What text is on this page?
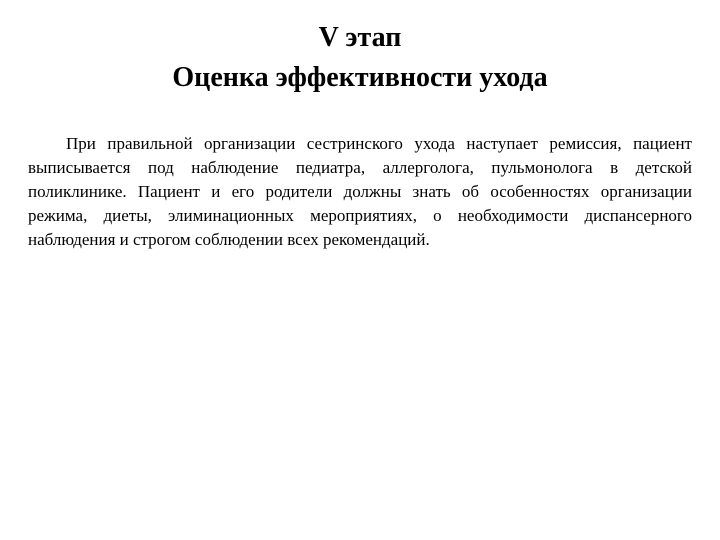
V этап
Оценка эффективности ухода

При правильной организации сестринского ухода наступает ремиссия, пациент выписывается под наблюдение педиатра, аллерголога, пульмонолога в детской поликлинике. Пациент и его родители должны знать об особенностях организации режима, диеты, элиминационных мероприятиях, о необходимости диспансерного наблюдения и строгом соблюдении всех рекомендаций.
